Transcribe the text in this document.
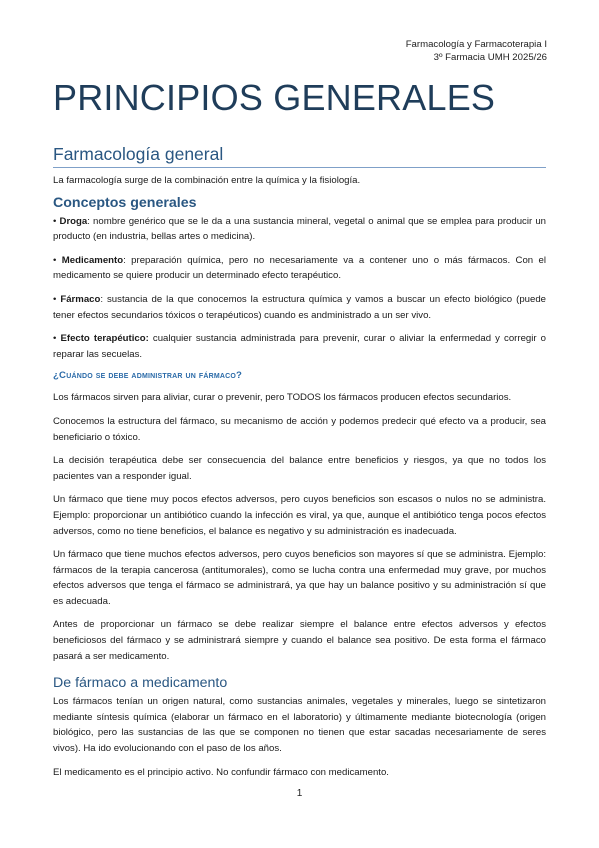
Farmacología y Farmacoterapia I
3º Farmacia UMH 2025/26
PRINCIPIOS GENERALES
Farmacología general

La farmacología surge de la combinación entre la química y la fisiología.

Conceptos generales

• Droga: nombre genérico que se le da a una sustancia mineral, vegetal o animal que se emplea para producir un producto (en industria, bellas artes o medicina).

• Medicamento: preparación química, pero no necesariamente va a contener uno o más fármacos. Con el medicamento se quiere producir un determinado efecto terapéutico.

• Fármaco: sustancia de la que conocemos la estructura química y vamos a buscar un efecto biológico (puede tener efectos secundarios tóxicos o terapéuticos) cuando es andministrado a un ser vivo.

• Efecto terapéutico: cualquier sustancia administrada para prevenir, curar o aliviar la enfermedad y corregir o reparar las secuelas.

¿Cuándo se debe administrar un fármaco?

Los fármacos sirven para aliviar, curar o prevenir, pero TODOS los fármacos producen efectos secundarios.

Conocemos la estructura del fármaco, su mecanismo de acción y podemos predecir qué efecto va a producir, sea beneficiario o tóxico.

La decisión terapéutica debe ser consecuencia del balance entre beneficios y riesgos, ya que no todos los pacientes van a responder igual.

Un fármaco que tiene muy pocos efectos adversos, pero cuyos beneficios son escasos o nulos no se administra. Ejemplo: proporcionar un antibiótico cuando la infección es viral, ya que, aunque el antibiótico tenga pocos efectos adversos, como no tiene beneficios, el balance es negativo y su administración es inadecuada.

Un fármaco que tiene muchos efectos adversos, pero cuyos beneficios son mayores sí que se administra. Ejemplo: fármacos de la terapia cancerosa (antitumorales), como se lucha contra una enfermedad muy grave, por muchos efectos adversos que tenga el fármaco se administrará, ya que hay un balance positivo y su administración sí que es adecuada.

Antes de proporcionar un fármaco se debe realizar siempre el balance entre efectos adversos y efectos beneficiosos del fármaco y se administrará siempre y cuando el balance sea positivo. De esta forma el fármaco pasará a ser medicamento.

De fármaco a medicamento

Los fármacos tenían un origen natural, como sustancias animales, vegetales y minerales, luego se sintetizaron mediante síntesis química (elaborar un fármaco en el laboratorio) y últimamente mediante biotecnología (origen biológico, pero las sustancias de las que se componen no tienen que estar sacadas necesariamente de seres vivos). Ha ido evolucionando con el paso de los años.

El medicamento es el principio activo. No confundir fármaco con medicamento.

1
